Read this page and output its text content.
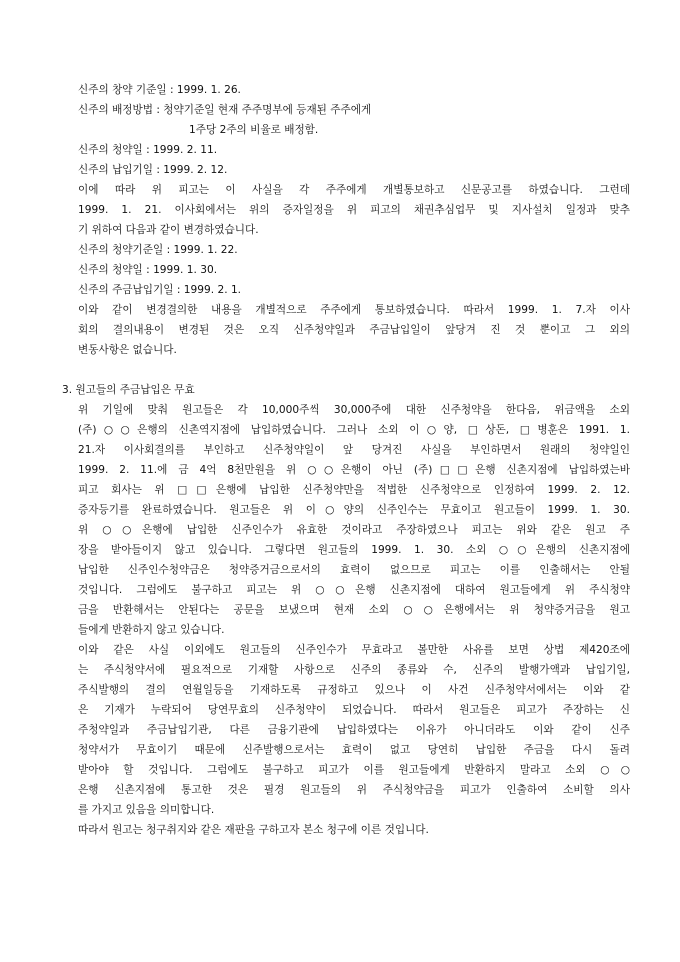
신주의 창약 기준일 : 1999. 1. 26.
신주의 배정방법 : 청약기준일 현재 주주명부에 등재된 주주에게
1주당 2주의 비율로 배정함.
신주의 청약일 : 1999. 2. 11.
신주의 납입기일 : 1999. 2. 12.
이에 따라 위 피고는 이 사실을 각 주주에게 개별통보하고 신문공고를 하였습니다. 그런데
1999. 1. 21. 이사회에서는 위의 증자일정을 위 피고의 채권추심업무 및 지사설치 일정과 맞추
기 위하여 다음과 같이 변경하였습니다.
신주의 청약기준일 : 1999. 1. 22.
신주의 청약일 : 1999. 1. 30.
신주의 주금납입기일 : 1999. 2. 1.
이와 같이 변경결의한 내용을 개별적으로 주주에게 통보하였습니다. 따라서 1999. 1. 7.자 이사
회의 결의내용이 변경된 것은 오직 신주청약일과 주금납입일이 앞당겨 진 것 뿐이고 그 외의
변동사항은 없습니다.
3. 원고들의 주금납입은 무효
위 기일에 맞춰 원고들은 각 10,000주씩 30,000주에 대한 신주청약을 한다음, 위금액을 소외
(주)○○은행의 신촌역지점에 납입하였습니다. 그러나 소외 이○양, □상돈, □병훈은 1991. 1.
21.자 이사회결의를 부인하고 신주청약일이 앞 당겨진 사실을 부인하면서 원래의 청약일인
1999. 2. 11.에 금 4억 8천만원을 위 ○○은행이 아닌 (주)□□은행 신촌지점에 납입하였는바
피고 회사는 위 □□은행에 납입한 신주청약만을 적법한 신주청약으로 인정하여 1999. 2. 12.
증자등기를 완료하였습니다. 원고들은 위 이○양의 신주인수는 무효이고 원고들이 1999. 1. 30.
위 ○○은행에 납입한 신주인수가 유효한 것이라고 주장하였으나 피고는 위와 같은 원고 주
장을 받아들이지 않고 있습니다. 그렇다면 원고들의 1999. 1. 30. 소외 ○○은행의 신촌지점에
납입한 신주인수청약금은 청약증거금으로서의 효력이 없으므로 피고는 이를 인출해서는 안될
것입니다. 그럼에도 불구하고 피고는 위 ○○은행 신촌지점에 대하여 원고들에게 위 주식청약
금을 반환해서는 안된다는 공문을 보냈으며 현재 소외 ○○은행에서는 위 청약증거금을 원고
들에게 반환하지 않고 있습니다.
이와 같은 사실 이외에도 원고들의 신주인수가 무효라고 볼만한 사유를 보면 상법 제420조에
는 주식청약서에 필요적으로 기재할 사항으로 신주의 종류와 수, 신주의 발행가액과 납입기일,
주식발행의 결의 연월일등을 기재하도록 규정하고 있으나 이 사건 신주청약서에서는 이와 같
은 기재가 누락되어 당연무효의 신주청약이 되었습니다. 따라서 원고들은 피고가 주장하는 신
주청약일과 주금납입기관, 다른 금융기관에 납입하였다는 이유가 아니더라도 이와 같이 신주
청약서가 무효이기 때문에 신주발행으로서는 효력이 없고 당연히 납입한 주금을 다시 돌려
받아야 할 것입니다. 그럼에도 불구하고 피고가 이를 원고들에게 반환하지 말라고 소외 ○○
은행 신촌지점에 통고한 것은 필경 원고들의 위 주식청약금을 피고가 인출하여 소비할 의사
를 가지고 있음을 의미합니다.
따라서 원고는 청구취지와 같은 재판을 구하고자 본소 청구에 이른 것입니다.
